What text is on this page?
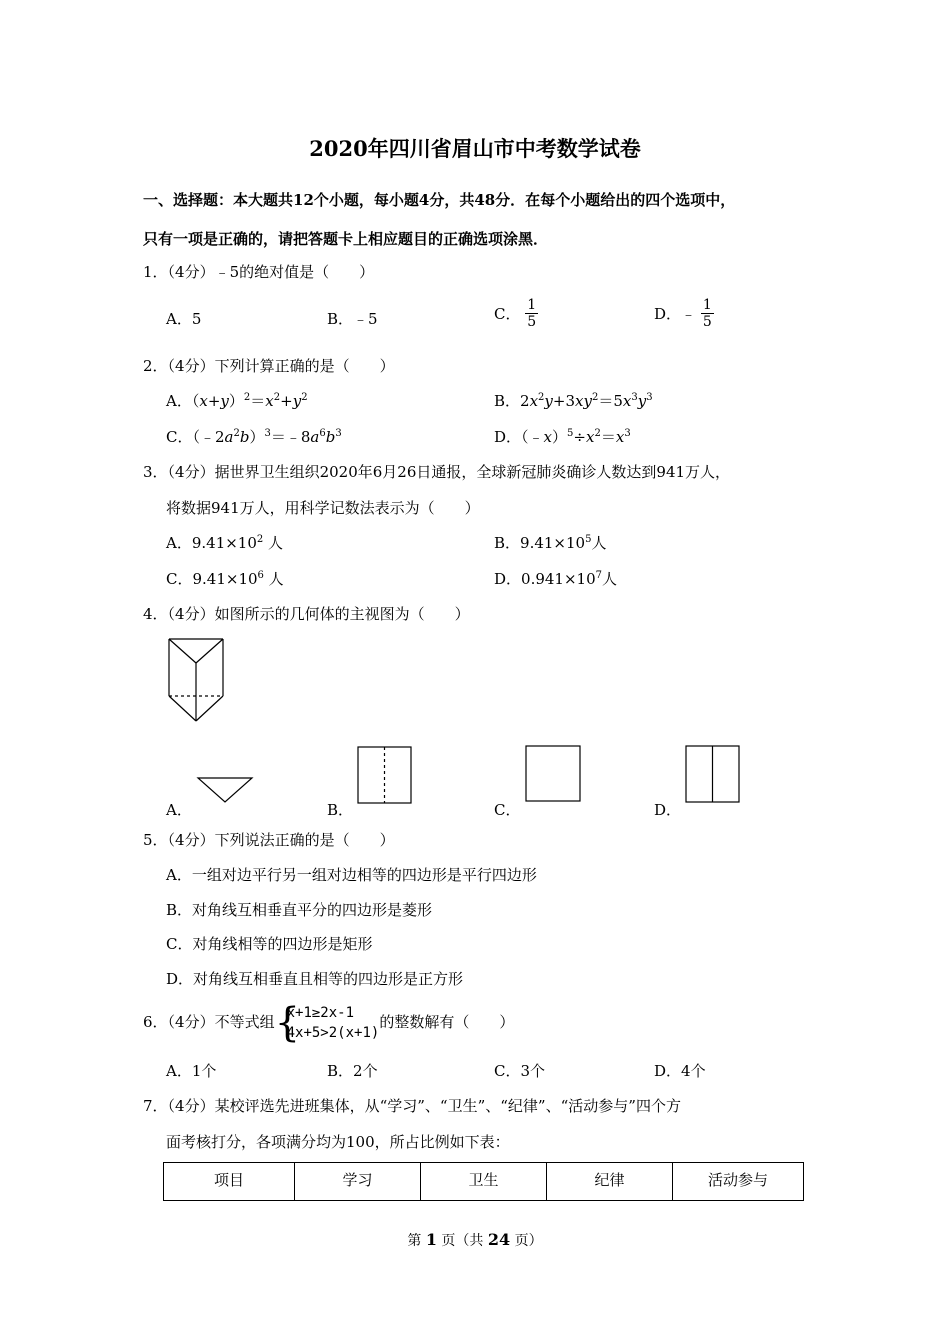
2020年四川省眉山市中考数学试卷
一、选择题：本大题共12个小题，每小题4分，共48分．在每个小题给出的四个选项中，
只有一项是正确的，请把答题卡上相应题目的正确选项涂黑．
1．（4分）﹣5的绝对值是（　　）
A．5	B．﹣5	C． $\frac{1}{5}$	D．﹣ $\frac{1}{5}$
2．（4分）下列计算正确的是（　　）
A．$(x+y)^2=x^2+y^2$	B．$2x^2y+3xy^2=5x^3y^3$
C．$(﹣2a^2b)^3=﹣8a^6b^3$	D．$(﹣x)^5\div x^2=x^3$
3．（4分）据世界卫生组织2020年6月26日通报，全球新冠肺炎确诊人数达到941万人，
将数据941万人，用科学记数法表示为（　　）
A．$9.41\times 10^2$ 人	B．$9.41\times 10^5$人
C．$9.41\times 10^6$ 人	D．$0.941\times 10^7$人
4．（4分）如图所示的几何体的主视图为（　　）
A．	B．	C．	D．
5．（4分）下列说法正确的是（　　）
A．一组对边平行另一组对边相等的四边形是平行四边形
B．对角线互相垂直平分的四边形是菱形
C．对角线相等的四边形是矩形
D．对角线互相垂直且相等的四边形是正方形
6．（4分）不等式组 {
x+1≥2x-1
4x+5>2(x+1)
的整数解有（　　）
A．1个	B．2个	C．3个	D．4个
7．（4分）某校评选先进班集体，从“学习”、“卫生”、“纪律”、“活动参与”四个方
面考核打分，各项满分均为100，所占比例如下表：
项目	学习	卫生	纪律	活动参与
第 1 页（共 24 页）
